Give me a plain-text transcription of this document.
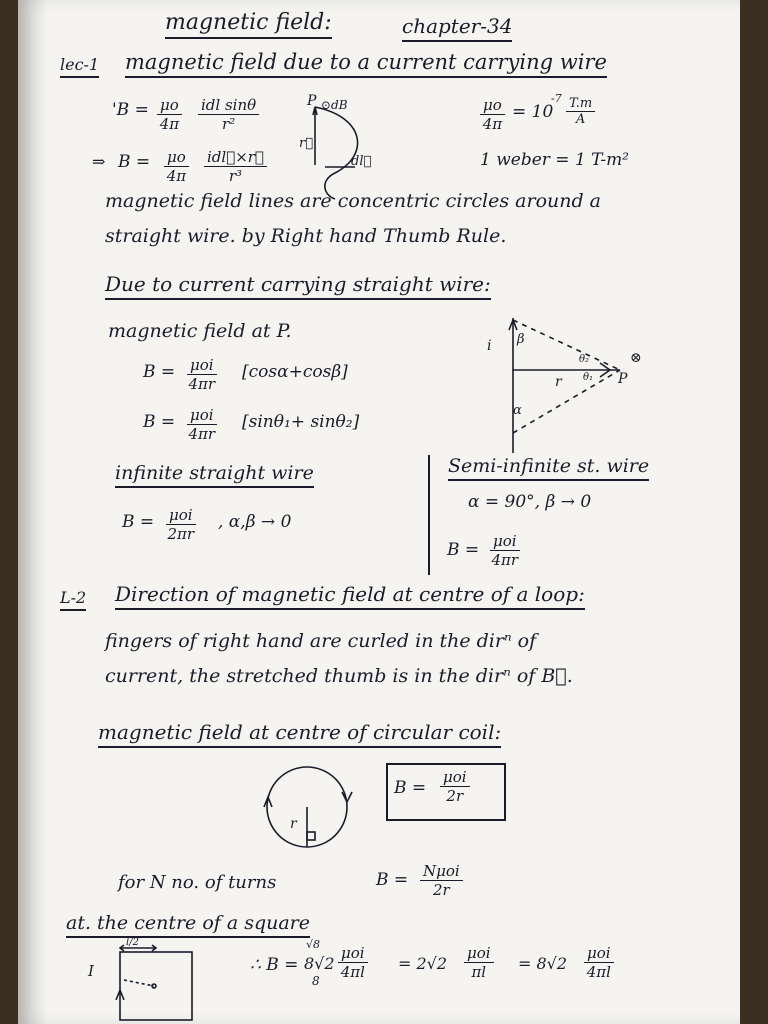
magnetic field:	chapter-34
lec-1 magnetic field due to a current carrying wire
'$B = \frac{\mu o}{4\pi}$ idl sinθ
r²
⇒ $B = \frac{\mu o}{4\pi}$ idl⃗×r⃗
r³
P ⊙dB
r⃗
dl⃗
$\frac{\mu o}{4\pi} = 10$
$-7 \frac{T.m}{A}$
1 weber = 1 T-m²
magnetic field lines are concentric circles around a
straight wire. by Right hand Thumb Rule.
Due to current carrying straight wire:
magnetic field at P.
B = μoi
4πr
[cosα+cosβ]
B = μoi
4πr
[sinθ₁+ sinθ₂]
i β
α
r	P
θ₂
θ₁
⊗
infinite straight wire
B = μoi
2πr
, α,β → 0
Semi-infinite st. wire
α = 90°, β → 0
B = μoi
4πr
L-2 Direction of magnetic field at centre of a loop:
fingers of right hand are curled in the dirⁿ of
current, the stretched thumb is in the dirⁿ of B⃗.
magnetic field at centre of circular coil:
r
B =
μoi
2r
for N no. of turns	B = Nμoi
2r
at. the centre of a square
I
l/2
∴ B =
√8
8√2
8
μoi
4πl = 2√2
μoi
πl = 8√2
μoi
4πl
